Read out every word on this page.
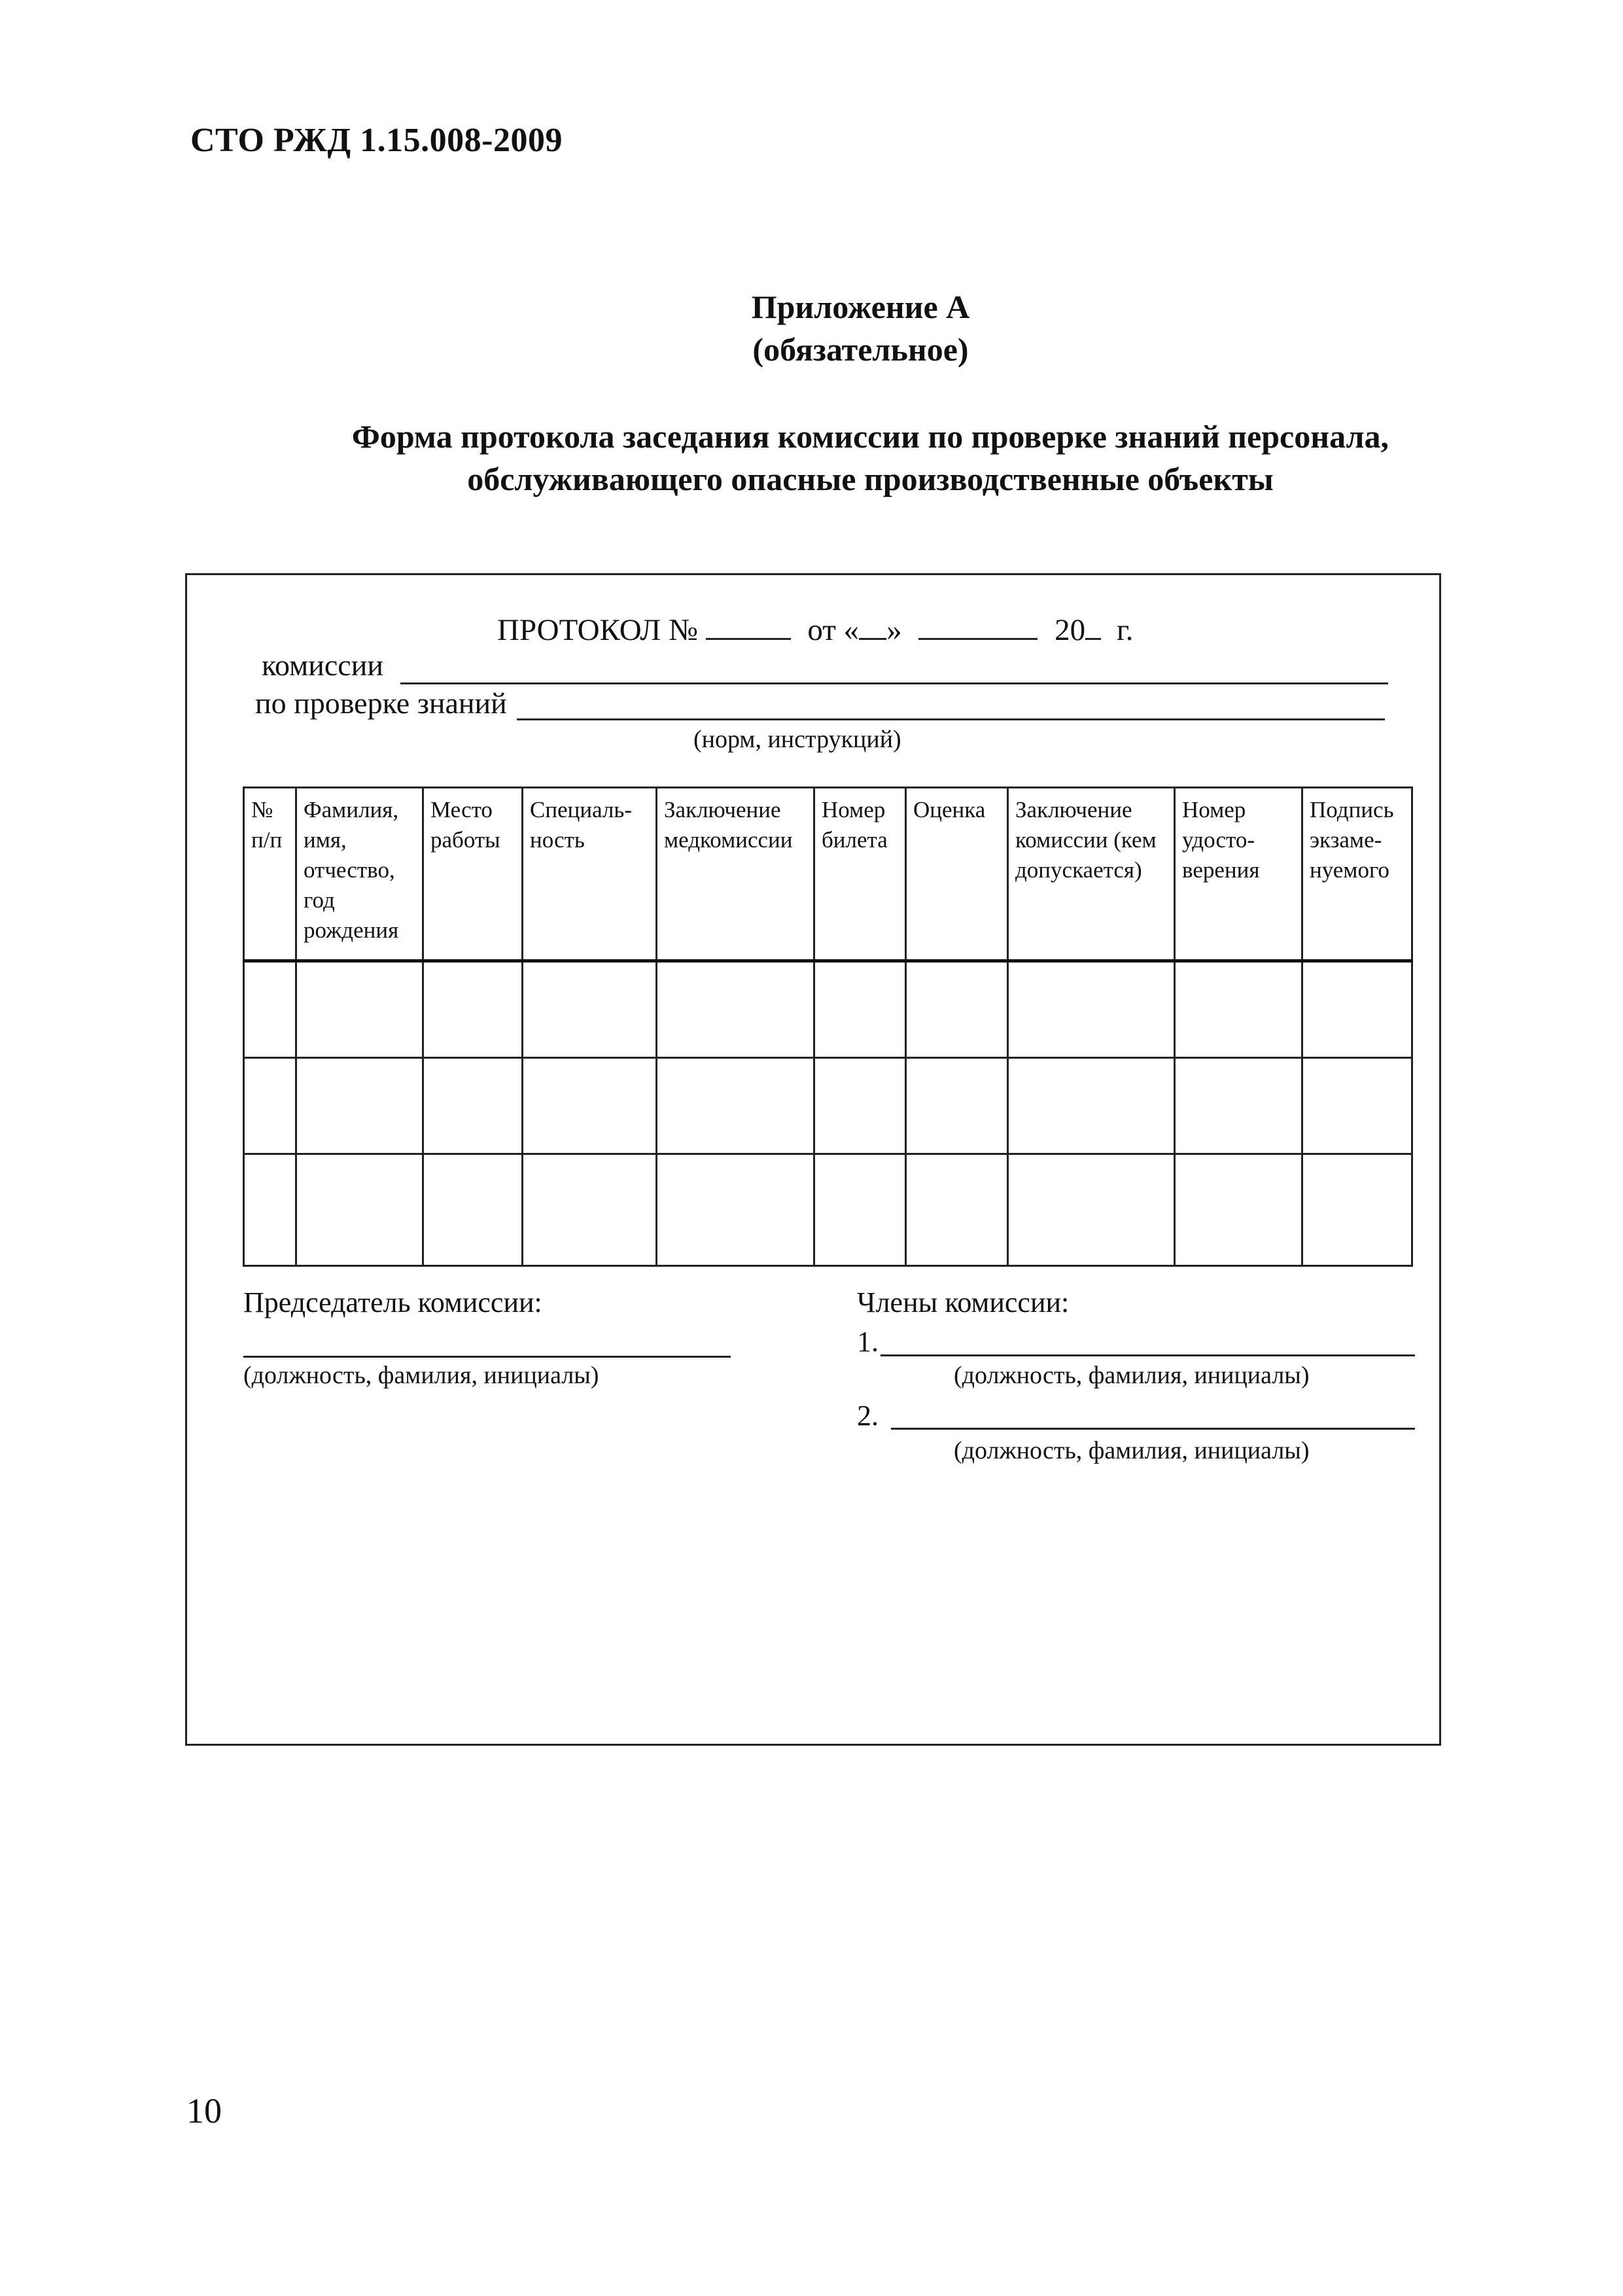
СТО РЖД 1.15.008-2009
Приложение А
(обязательное)
Форма протокола заседания комиссии по проверке знаний персонала,
обслуживающего опасные производственные объекты
ПРОТОКОЛ №	от « »	20 г.
комиссии
по проверке знаний
(норм, инструкций)
№ п/п	Фамилия, имя, отчество, год рождения	Место работы	Специаль-ность	Заключение медкомиссии	Номер билета	Оценка	Заключение комиссии (кем допускается)	Номер удосто-верения	Подпись экзаме-нуемого

Председатель комиссии:
(должность, фамилия, инициалы)
Члены комиссии:
1.
(должность, фамилия, инициалы)
2.
(должность, фамилия, инициалы)
10
